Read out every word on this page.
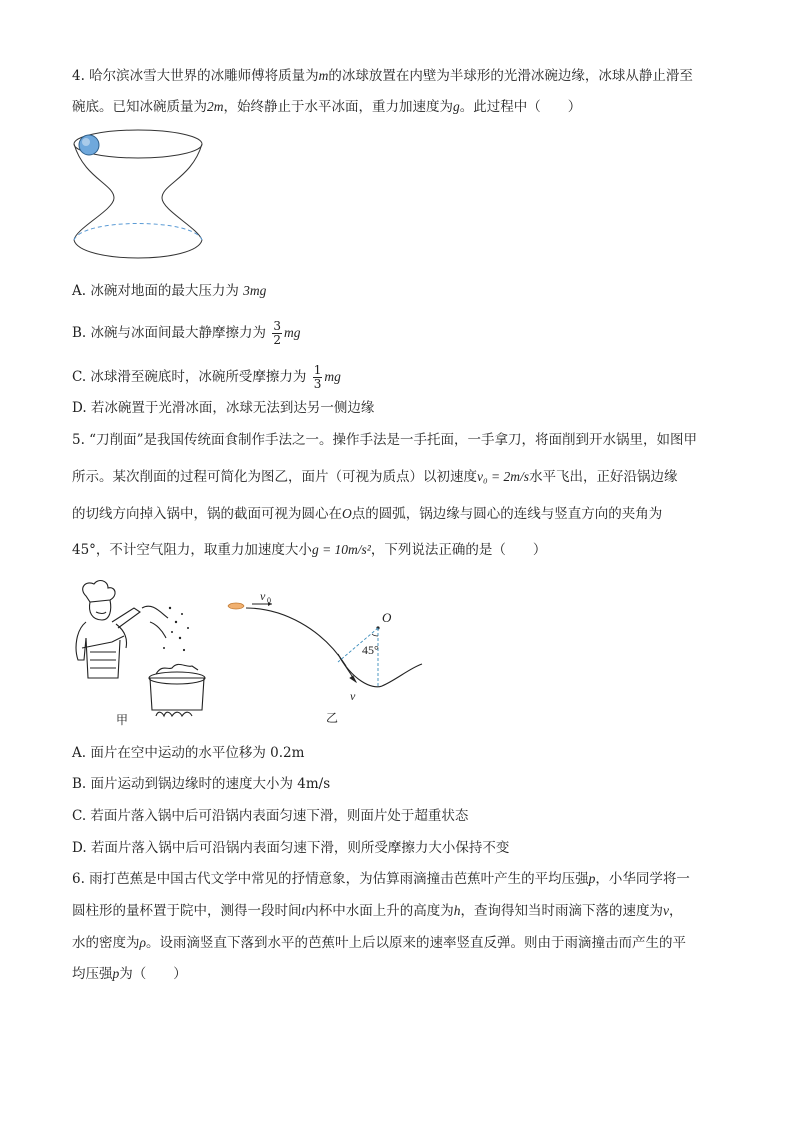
4. 哈尔滨冰雪大世界的冰雕师傅将质量为m的冰球放置在内壁为半球形的光滑冰碗边缘，冰球从静止滑至
碗底。已知冰碗质量为2m，始终静止于水平冰面，重力加速度为g。此过程中（　　）
A. 冰碗对地面的最大压力为 3mg
B. 冰碗与冰面间最大静摩擦力为 $\frac{3}{2}$ mg
C. 冰球滑至碗底时，冰碗所受摩擦力为 $\frac{1}{3}$ mg
D. 若冰碗置于光滑冰面，冰球无法到达另一侧边缘
5. “刀削面”是我国传统面食制作手法之一。操作手法是一手托面，一手拿刀，将面削到开水锅里，如图甲
所示。某次削面的过程可简化为图乙，面片（可视为质点）以初速度v₀ = 2m/s水平飞出，正好沿锅边缘
的切线方向掉入锅中，锅的截面可视为圆心在O点的圆弧，锅边缘与圆心的连线与竖直方向的夹角为
45°，不计空气阻力，取重力加速度大小g = 10m/s²，下列说法正确的是（　　）
甲
v 0
O
45°
v
乙
A. 面片在空中运动的水平位移为 0.2m
B. 面片运动到锅边缘时的速度大小为 4m/s
C. 若面片落入锅中后可沿锅内表面匀速下滑，则面片处于超重状态
D. 若面片落入锅中后可沿锅内表面匀速下滑，则所受摩擦力大小保持不变
6. 雨打芭蕉是中国古代文学中常见的抒情意象，为估算雨滴撞击芭蕉叶产生的平均压强p，小华同学将一
圆柱形的量杯置于院中，测得一段时间t内杯中水面上升的高度为h，查询得知当时雨滴下落的速度为v，
水的密度为ρ。设雨滴竖直下落到水平的芭蕉叶上后以原来的速率竖直反弹。则由于雨滴撞击而产生的平
均压强p为（　　）
